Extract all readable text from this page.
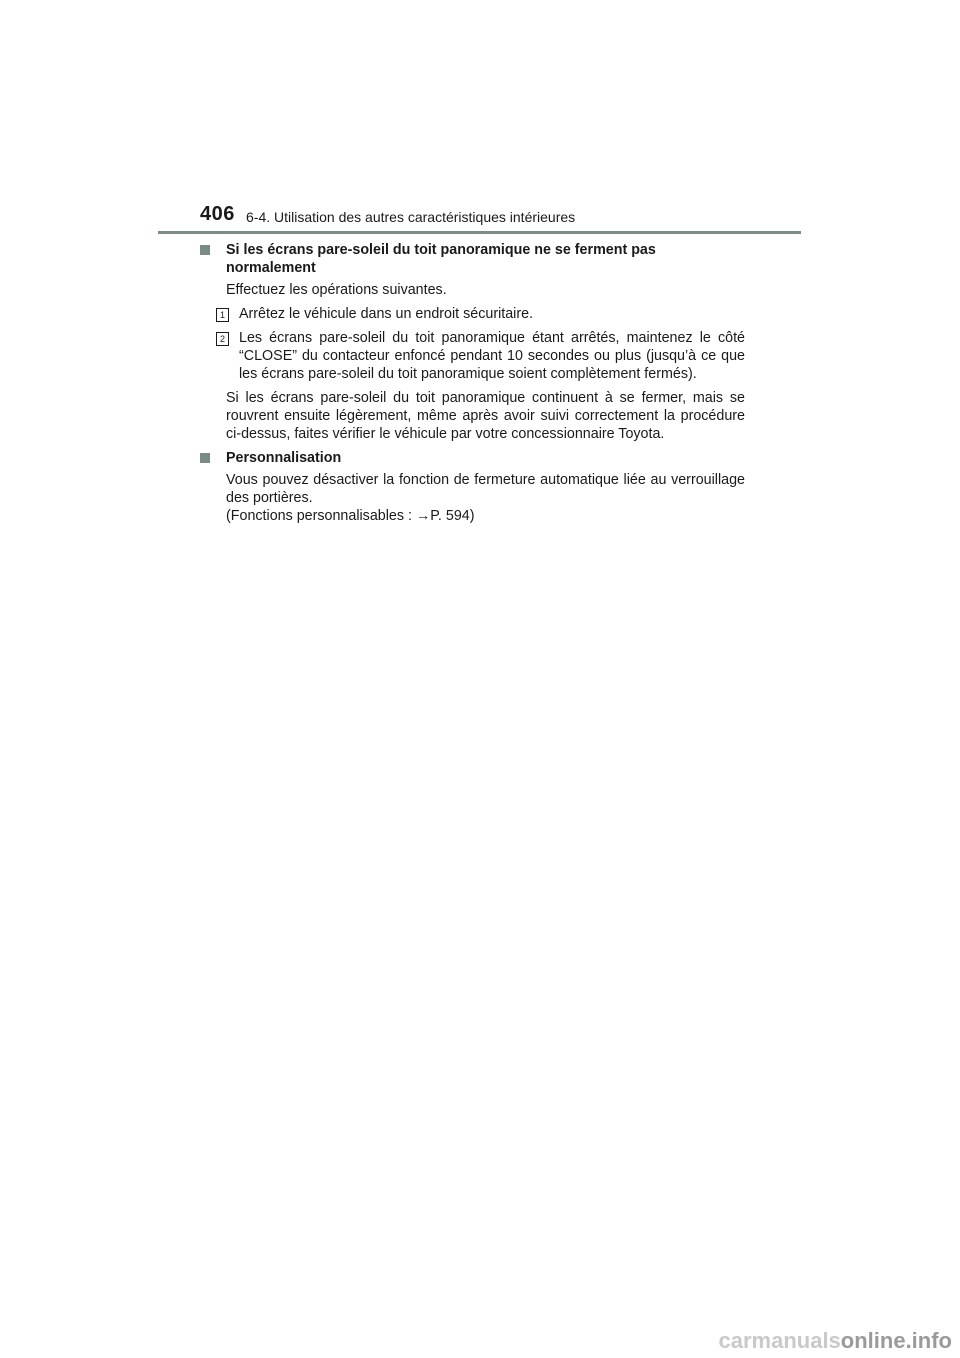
406 6-4. Utilisation des autres caractéristiques intérieures
Si les écrans pare-soleil du toit panoramique ne se ferment pas normalement
Effectuez les opérations suivantes.
1 Arrêtez le véhicule dans un endroit sécuritaire.
2 Les écrans pare-soleil du toit panoramique étant arrêtés, maintenez le côté “CLOSE” du contacteur enfoncé pendant 10 secondes ou plus (jusqu’à ce que les écrans pare-soleil du toit panoramique soient complètement fermés).
Si les écrans pare-soleil du toit panoramique continuent à se fermer, mais se rouvrent ensuite légèrement, même après avoir suivi correctement la procédure ci-dessus, faites vérifier le véhicule par votre concessionnaire Toyota.
Personnalisation
Vous pouvez désactiver la fonction de fermeture automatique liée au verrouillage des portières.
(Fonctions personnalisables : →P. 594)
carmanualsonline.info
